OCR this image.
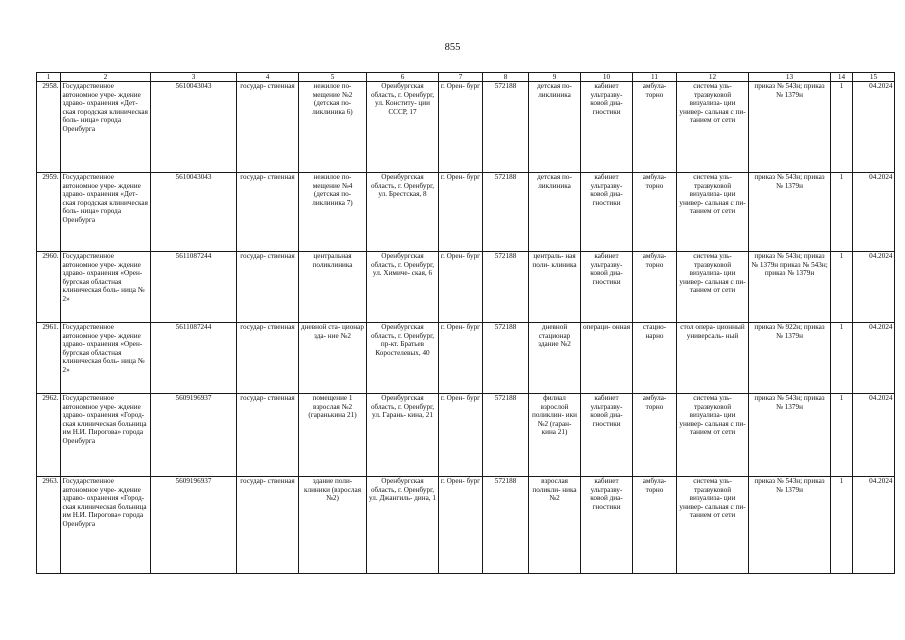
855
1	2	3	4	5	6	7	8	9	10	11	12	13	14	15
2958.	Государственное автономное учре- ждение здраво- охранения «Дет- ская городская клиническая боль- ница» города Оренбурга	5610043043	государ- ственная	нежилое по- мещение №2 (детская по- ликлиника 6)	Оренбургская область, г. Оренбург, ул. Конститу- ции СССР, 17	г. Орен- бург	572188	детская по- ликлиника	кабинет ультразву- ковой диа- гностики	амбула- торно	система уль- тразвуковой визуализа- ции универ- сальная с пи- танием от сети	приказ № 543н; приказ № 1379н	1	04.2024
2959.	Государственное автономное учре- ждение здраво- охранения «Дет- ская городская клиническая боль- ница» города Оренбурга	5610043043	государ- ственная	нежилое по- мещение №4 (детская по- ликлиника 7)	Оренбургская область, г. Оренбург, ул. Брестская, 8	г. Орен- бург	572188	детская по- ликлиника	кабинет ультразву- ковой диа- гностики	амбула- торно	система уль- тразвуковой визуализа- ции универ- сальная с пи- танием от сети	приказ № 543н; приказ № 1379н	1	04.2024
2960.	Государственное автономное учре- ждение здраво- охранения «Орен- бургская областная клиническая боль- ница № 2»	5611087244	государ- ственная	центральная поликлиника	Оренбургская область, г. Оренбург, ул. Химиче- ская, 6	г. Орен- бург	572188	централь- ная поли- клиника	кабинет ультразву- ковой диа- гностики	амбула- торно	система уль- тразвуковой визуализа- ции универ- сальная с пи- танием от сети	приказ № 543н; приказ № 1379н приказ № 543н; приказ № 1379н	1	04.2024
2961.	Государственное автономное учре- ждение здраво- охранения «Орен- бургская областная клиническая боль- ница № 2»	5611087244	государ- ственная	дневной ста- ционар зда- ние №2	Оренбургская область, г. Оренбург, пр-кт. Братьев Коростелевых, 40	г. Орен- бург	572188	дневной стационар здание №2	операци- онная	стацио- нарно	стол опера- ционный универсаль- ный	приказ № 922н; приказ № 1379н	1	04.2024
2962.	Государственное автономное учре- ждение здраво- охранения «Город- ская клиническая больница им Н.И. Пирогова» города Оренбурга	5609196937	государ- ственная	помещение 1 взрослая №2 (гаранькина 21)	Оренбургская область, г. Оренбург, ул. Гарань- кина, 21	г. Орен- бург	572188	филиал взрослой поликлин- ики №2 (гаран- кина 21)	кабинет ультразву- ковой диа- гностики	амбула- торно	система уль- тразвуковой визуализа- ции универ- сальная с пи- танием от сети	приказ № 543н; приказ № 1379н	1	04.2024
2963.	Государственное автономное учре- ждение здраво- охранения «Город- ская клиническая больница им Н.И. Пирогова» города Оренбурга	5609196937	государ- ственная	здание поли- клиники (взрослая №2)	Оренбургская область, г. Оренбург, ул. Джангиль- дина, 1	г. Орен- бург	572188	взрослая поликли- ника №2	кабинет ультразву- ковой диа- гностики	амбула- торно	система уль- тразвуковой визуализа- ции универ- сальная с пи- танием от сети	приказ № 543н; приказ № 1379н	1	04.2024
